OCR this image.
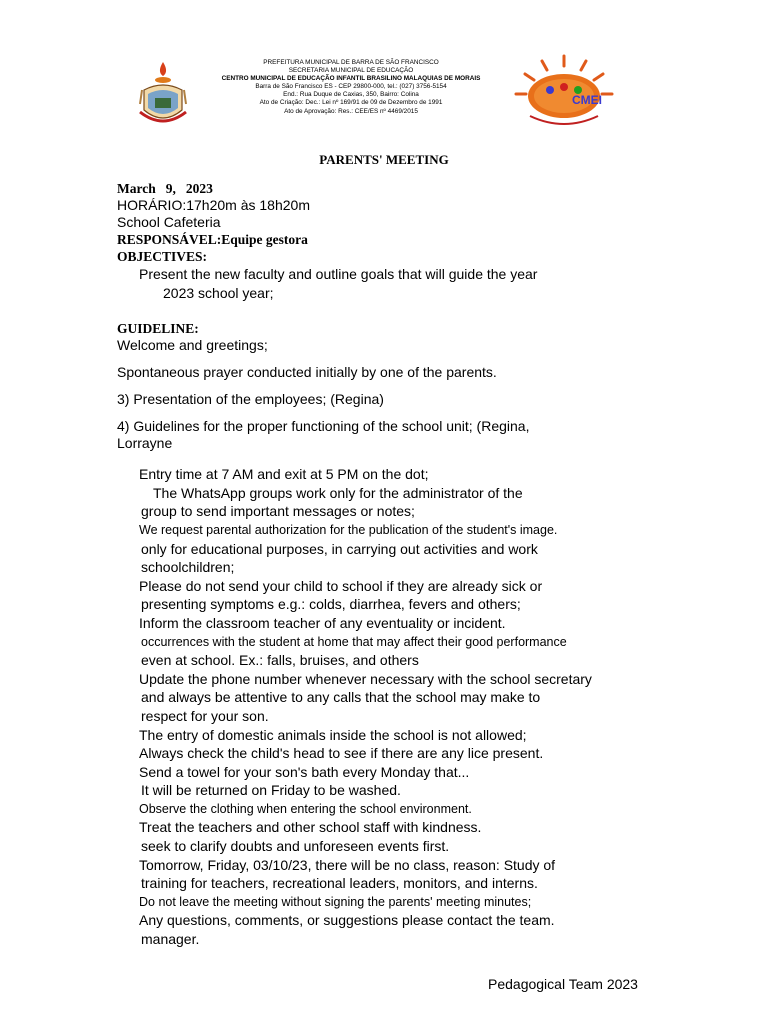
PREFEITURA MUNICIPAL DE BARRA DE SÃO FRANCISCO
SECRETARIA MUNICIPAL DE EDUCAÇÃO
CENTRO MUNICIPAL DE EDUCAÇÃO INFANTIL BRASILINO MALAQUIAS DE MORAIS
Barra de São Francisco ES - CEP 29800-000, tel.: (027) 3756-5154
End.: Rua Duque de Caxias, 350, Bairro: Colina
Ato de Criação: Dec.: Lei nº 169/91 de 09 de Dezembro de 1991
Ato de Aprovação: Res.: CEE/ES nº 4469/2015
CMEI
PARENTS' MEETING
March 9, 2023
HORÁRIO:17h20m às 18h20m
School Cafeteria
RESPONSÁVEL:Equipe gestora
OBJECTIVES:
Present the new faculty and outline goals that will guide the year
2023 school year;
GUIDELINE:
Welcome and greetings;
Spontaneous prayer conducted initially by one of the parents.
3) Presentation of the employees; (Regina)
4) Guidelines for the proper functioning of the school unit; (Regina,
Lorrayne
Entry time at 7 AM and exit at 5 PM on the dot;
The WhatsApp groups work only for the administrator of the
group to send important messages or notes;
We request parental authorization for the publication of the student's image.
only for educational purposes, in carrying out activities and work
schoolchildren;
Please do not send your child to school if they are already sick or
presenting symptoms e.g.: colds, diarrhea, fevers and others;
Inform the classroom teacher of any eventuality or incident.
occurrences with the student at home that may affect their good performance
even at school. Ex.: falls, bruises, and others
Update the phone number whenever necessary with the school secretary
and always be attentive to any calls that the school may make to
respect for your son.
The entry of domestic animals inside the school is not allowed;
Always check the child's head to see if there are any lice present.
Send a towel for your son's bath every Monday that...
It will be returned on Friday to be washed.
Observe the clothing when entering the school environment.
Treat the teachers and other school staff with kindness.
seek to clarify doubts and unforeseen events first.
Tomorrow, Friday, 03/10/23, there will be no class, reason: Study of
training for teachers, recreational leaders, monitors, and interns.
Do not leave the meeting without signing the parents' meeting minutes;
Any questions, comments, or suggestions please contact the team.
manager.
Pedagogical Team 2023
